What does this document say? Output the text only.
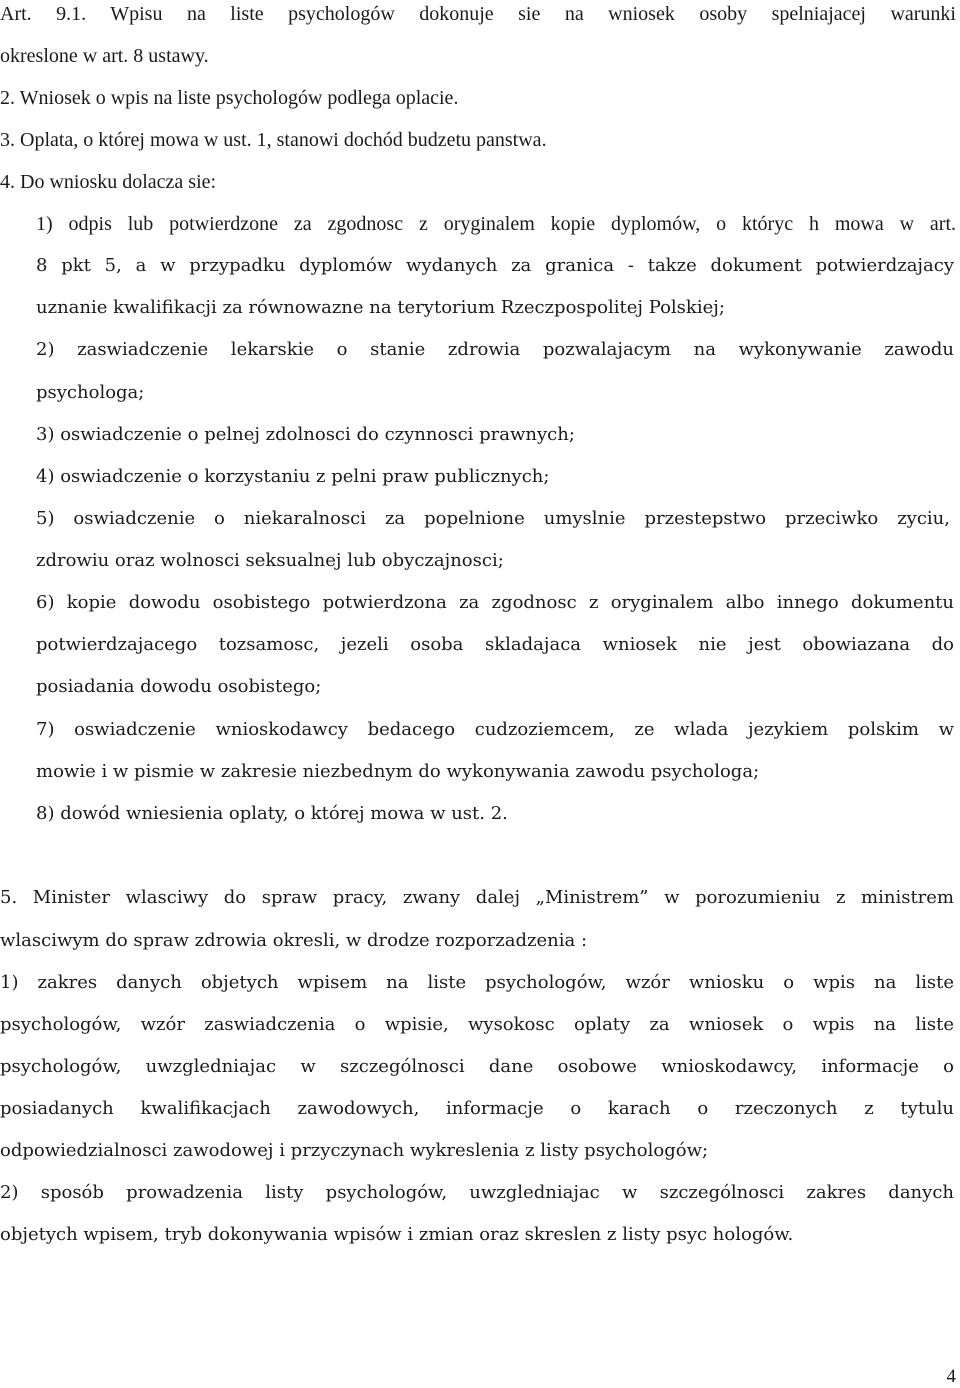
Art. 9.1. Wpisu na liste psychologów dokonuje sie na wniosek osoby spelniajacej warunki
okreslone w art. 8 ustawy.
2. Wniosek o wpis na liste psychologów podlega oplacie.
3. Oplata, o której mowa w ust. 1, stanowi dochód budzetu panstwa.
4. Do wniosku dolacza sie:
1) odpis lub potwierdzone za zgodnosc z oryginalem kopie dyplomów, o któryc h mowa w art.
8 pkt 5, a w przypadku dyplomów wydanych za granica - takze dokument potwierdzajacy
uznanie kwalifikacji za równowazne na terytorium Rzeczpospolitej Polskiej;
2) zaswiadczenie lekarskie o stanie zdrowia pozwalajacym na wykonywanie zawodu
psychologa;
3) oswiadczenie o pelnej zdolnosci do czynnosci prawnych;
4) oswiadczenie o korzystaniu z pelni praw publicznych;
5) oswiadczenie o niekaralnosci za popelnione umyslnie przestepstwo przeciwko zyciu,
zdrowiu oraz wolnosci seksualnej lub obyczajnosci;
6) kopie dowodu osobistego potwierdzona za zgodnosc z oryginalem albo innego dokumentu
potwierdzajacego tozsamosc, jezeli osoba skladajaca wniosek nie jest obowiazana do
posiadania dowodu osobistego;
7) oswiadczenie wnioskodawcy bedacego cudzoziemcem, ze wlada jezykiem polskim w
mowie i w pismie w zakresie niezbednym do wykonywania zawodu psychologa;
8) dowód wniesienia oplaty, o której mowa w ust. 2.
5. Minister wlasciwy do spraw pracy, zwany dalej „Ministrem” w porozumieniu z ministrem
wlasciwym do spraw zdrowia okresli, w drodze rozporzadzenia :
1) zakres danych objetych wpisem na liste psychologów, wzór wniosku o wpis na liste
psychologów, wzór zaswiadczenia o wpisie, wysokosc oplaty za wniosek o wpis na liste
psychologów, uwzgledniajac w szczególnosci dane osobowe wnioskodawcy, informacje o
posiadanych kwalifikacjach zawodowych, informacje o karach o rzeczonych z tytulu
odpowiedzialnosci zawodowej i przyczynach wykreslenia z listy psychologów;
2) sposób prowadzenia listy psychologów, uwzgledniajac w szczególnosci zakres danych
objetych wpisem, tryb dokonywania wpisów i zmian oraz skreslen z listy psyc hologów.
4
